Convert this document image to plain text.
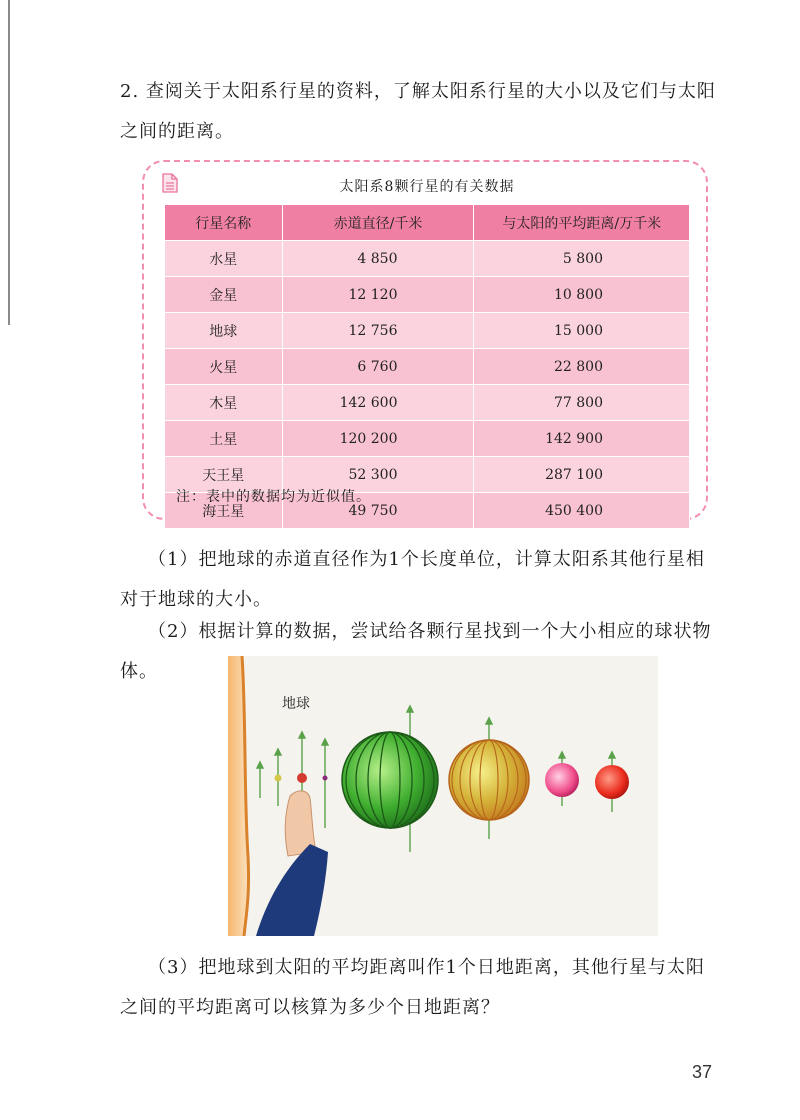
2. 查阅关于太阳系行星的资料，了解太阳系行星的大小以及它们与太阳之间的距离。
太阳系8颗行星的有关数据
行星名称	赤道直径/千米	与太阳的平均距离/万千米
水星	4 850	5 800
金星	12 120	10 800
地球	12 756	15 000
火星	6 760	22 800
木星	142 600	77 800
土星	120 200	142 900
天王星	52 300	287 100
海王星	49 750	450 400
注：表中的数据均为近似值。
（1）把地球的赤道直径作为1个长度单位，计算太阳系其他行星相对于地球的大小。
（2）根据计算的数据，尝试给各颗行星找到一个大小相应的球状物体。
地球
（3）把地球到太阳的平均距离叫作1个日地距离，其他行星与太阳之间的平均距离可以核算为多少个日地距离？
37
